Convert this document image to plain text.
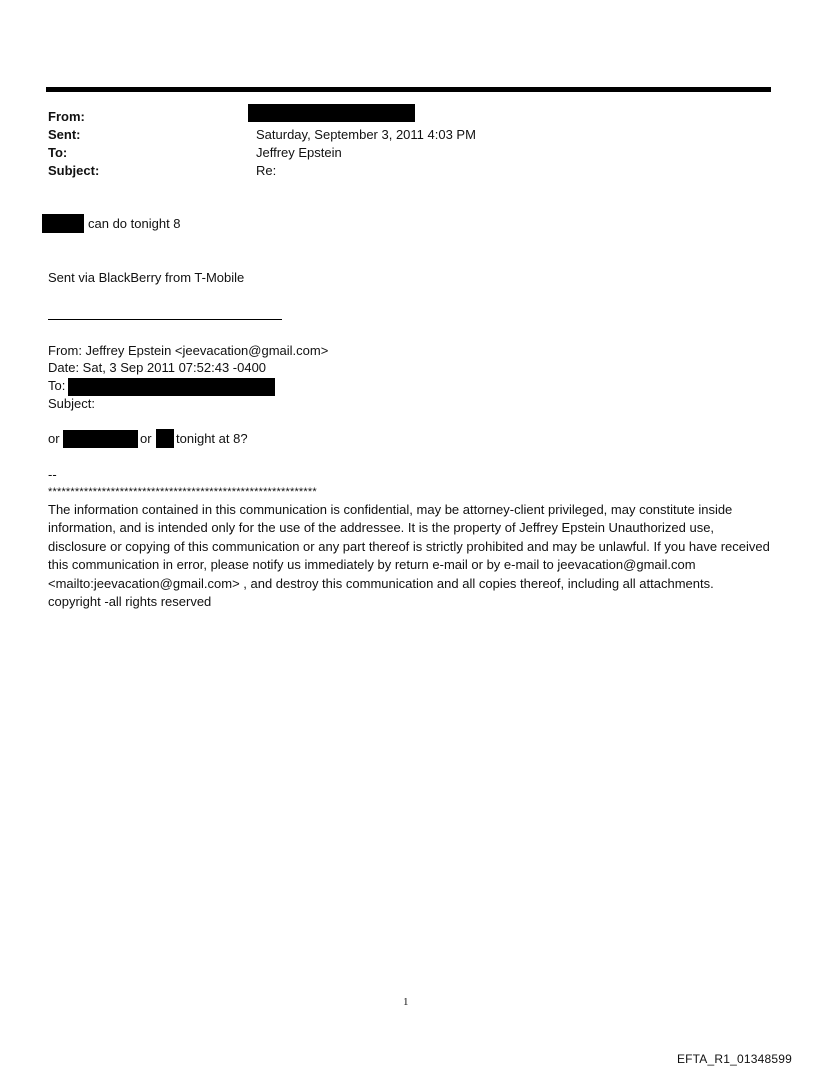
From:
Sent:	Saturday, September 3, 2011 4:03 PM
To:	Jeffrey Epstein
Subject:	Re:
can do tonight 8
Sent via BlackBerry from T-Mobile
From: Jeffrey Epstein <jeevacation@gmail.com>
Date: Sat, 3 Sep 2011 07:52:43 -0400
To:
Subject:
or	or tonight at 8?
--
************************************************************
The information contained in this communication is confidential, may be attorney-client privileged, may constitute inside information, and is intended only for the use of the addressee. It is the property of Jeffrey Epstein Unauthorized use, disclosure or copying of this communication or any part thereof is strictly prohibited and may be unlawful. If you have received this communication in error, please notify us immediately by return e-mail or by e-mail to jeevacation@gmail.com <mailto:jeevacation@gmail.com> , and destroy this communication and all copies thereof, including all attachments. copyright -all rights reserved
1
EFTA_R1_01348599
